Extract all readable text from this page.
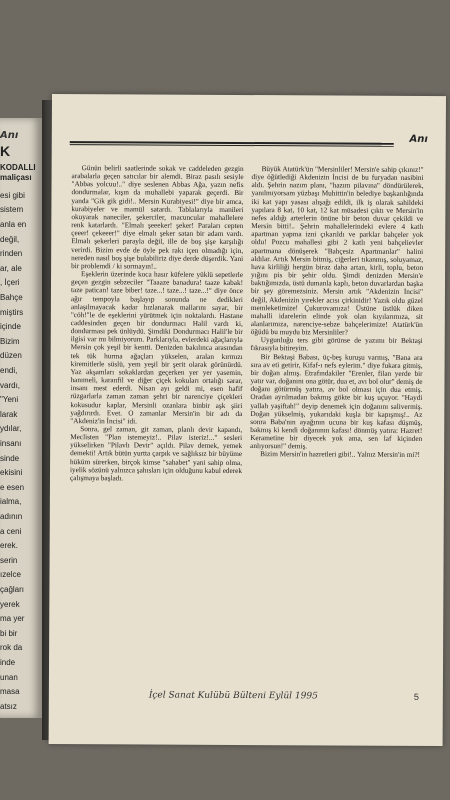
Anı
K
KODALLI
maliçası
esi gibi
sistem
anla en
değil,
rinden
ar, ale
, İçeri
Bahçe
miştirs
içinde
Bizim
düzen
endi,
vardı,
"Yeni
larak
ydılar,
insanı
sinde
ekisini
e esen
ialma,
adının
a ceni
erek.
serin
ızelce
çağları
yerek
ma yer
bi bir
rok da
inde
unan
masa
atsız
Anı

Günün belirli saatlerinde sokak ve caddeleden gezgin arabalarla geçen satıcılar bir alemdi. Biraz pasılı sesiyle "Abbas yolcuu!.." diye seslenen Abbas Ağa, yazın nefis dondurmalar, kışın da muhallebi yaparak geçerdi. Bir yanda "Gik gik gidi!.. Mersin Kurabiyesi!" diye bir amca, kurabiyeler ve mamül satardı. Tablalarıyla manileri okuyarak naneciler, şekerciler, macuncular mahallelere renk katarlardı. "Elmalı şeeeker! şeker! Paraları cepten çeeer! çekeeer!" diye elmalı şeker satan bir adam vardı. Elmalı şekerleri parayla değil, ille de boş şişe karşılığı verirdi. Bizim evde de öyle pek rakı içen olmadığı için, nereden nasıl boş şişe bulabiliriz diye derde düşerdik. Yani bir problemdi / ki sormayın!..

Eşeklerin üzerinde koca hasır küfelere yüklü sepetlerle geçen gezgin sebzeciler "Taaaze banadura! taaze kabak! taze patican! taze biber! taze...! taze...! taze...!" diye önce ağır tempoyla başlayıp sonunda ne dedikleri anlaşılmayacak kadar hızlanarak mallarını sayar, bir "cöh!"le de eşeklerini yürütmek için noktalardı. Hastane caddesinden geçen bir dondurmacı Halil vardı ki, dondurması pek ünlüydü. Şimdiki Dondurmacı Halil'le bir ilgisi var mı bilmiyorum. Parklarıyla, evlerdeki ağaçlarıyla Mersin çok yeşil bir kentti. Denizden bakılınca arasından tek tük hurma ağaçları yükselen, aralan kırmızı kiremitlerle süslü, yem yeşil bir şerit olarak görünürdü. Yaz akşamları sokaklardan geçerken yer yer yasemin, hanımeli, karanfil ve diğer çiçek kokuları ortalığı sarar, insanı mest ederdi. Nisan ayı geldi mi, esen hafif rüzgarlarla zaman zaman şehri bir narenciye çiçekleri kokusudur kaplar, Mersinli ozanlara binbir aşk şiiri yağdırırdı. Evet. O zamanlar Mersin'in bir adı da "Akdeniz'in İncisi" idi.

Sonra, gel zaman, git zaman, planlı devir kapandı, Meclisten "Plan istemeyiz!.. Pilav isteriz!..." sesleri yükselirken "Pilavlı Devir" açıldı. Pilav demek, yemek demekti! Artık bütün yurtta çarpık ve sağlıksız bir büyüme hüküm sürerken, birçok kimse "sahabet" yani sahip olma, iyelik sözünü yalnızca şahısları için olduğunu kabul ederek çalışmaya başladı.

Büyük Atatürk'ün "Mersinliler! Mersin'e sahip çıkınız!" diye öğütlediği Akdenizin İncisi de bu furyadan nasibini aldı. Şehrin nazım planı, "hazım pilavına" döndürülerek, yanılmıyorsam yüzbaşı Muhittin'in belediye başkanlığında iki kat yapı yasası alışağı edildi, ilk iş olarak sahildeki yapılara 8 kat, 10 kat, 12 kat müsadesi çıktı ve Mersin'in nefes aldığı arterlerin önüne bir beton duvar çekildi ve Mersin bitti!.. Şehrin mahallelerindeki evlere 4 katlı apartman yapma izni çıkarıldı ve parklar bahçeler yok oldu! Pozcu mahallesi gibi 2 katlı yeni bahçelievler apartmana dönüşerek "Bahçesiz Apartmanlar" halini aldılar. Artık Mersin bitmiş, ciğerleri tıkanmış, soluyamaz, hava kirliliği hergün biraz daha artan, kirli, toplu, beton yığını pis bir şehir oldu. Şimdi denizden Mersin'e baktığımızda, üstü dumanla kaplı, beton duvarlardan başka bir şey göremezsiniz. Mersin artık "Akdenizin İncisi" değil, Akdenizin yırekler acısı çirkinidir! Yazık oldu güzel memleketimize! Çukurovamıza! Üstüne üstlük diken mahalli idarelerin elinde yok olan kıyılarımıza, sit alanlarımıza, narenciye-sebze bahçelerimize! Atatürk'ün öğüdü bu muydu biz Mersinliler?

Uygunluğu ters gibi görünse de yazımı bir Bektaşi fıkrasıyla bitireyim.

Bir Bektaşi Babası, üç-beş kuruşu varmış, "Bana ara sıra av eti getirir, Kifaf-ı nefs eylerim." diye fukara gitmiş, bir doğan almış. Etrafındakiler "Erenler, filan yerde bir yatır var, doğanını ona götür, dua et, avı bol olur" demiş de doğanı götürmüş yatıra, av bol olması için dua etmiş. Oradan ayrılmadan bakmış gökte bir kuş uçuyor. "Haydi yallah yaşiftah!" deyip denemek için doğanını salivermiş. Doğan yükselmiş, yukarıdaki kuşla bir kapışmış!.. Az sonra Baba'nın ayağının ucuna bir kuş kafası düşmüş, bakmış ki kendi doğanının kafası! dönmüş yatıra: Hazret! Kerametine bir diyecek yok ama, sen laf kiçinden anlıyorsun!" demiş.

Bizim Mersin'in hazretleri gibi!.. Yalnız Mersin'in mi?!

İçel Sanat Kulübü Bülteni Eylül 1995	5
